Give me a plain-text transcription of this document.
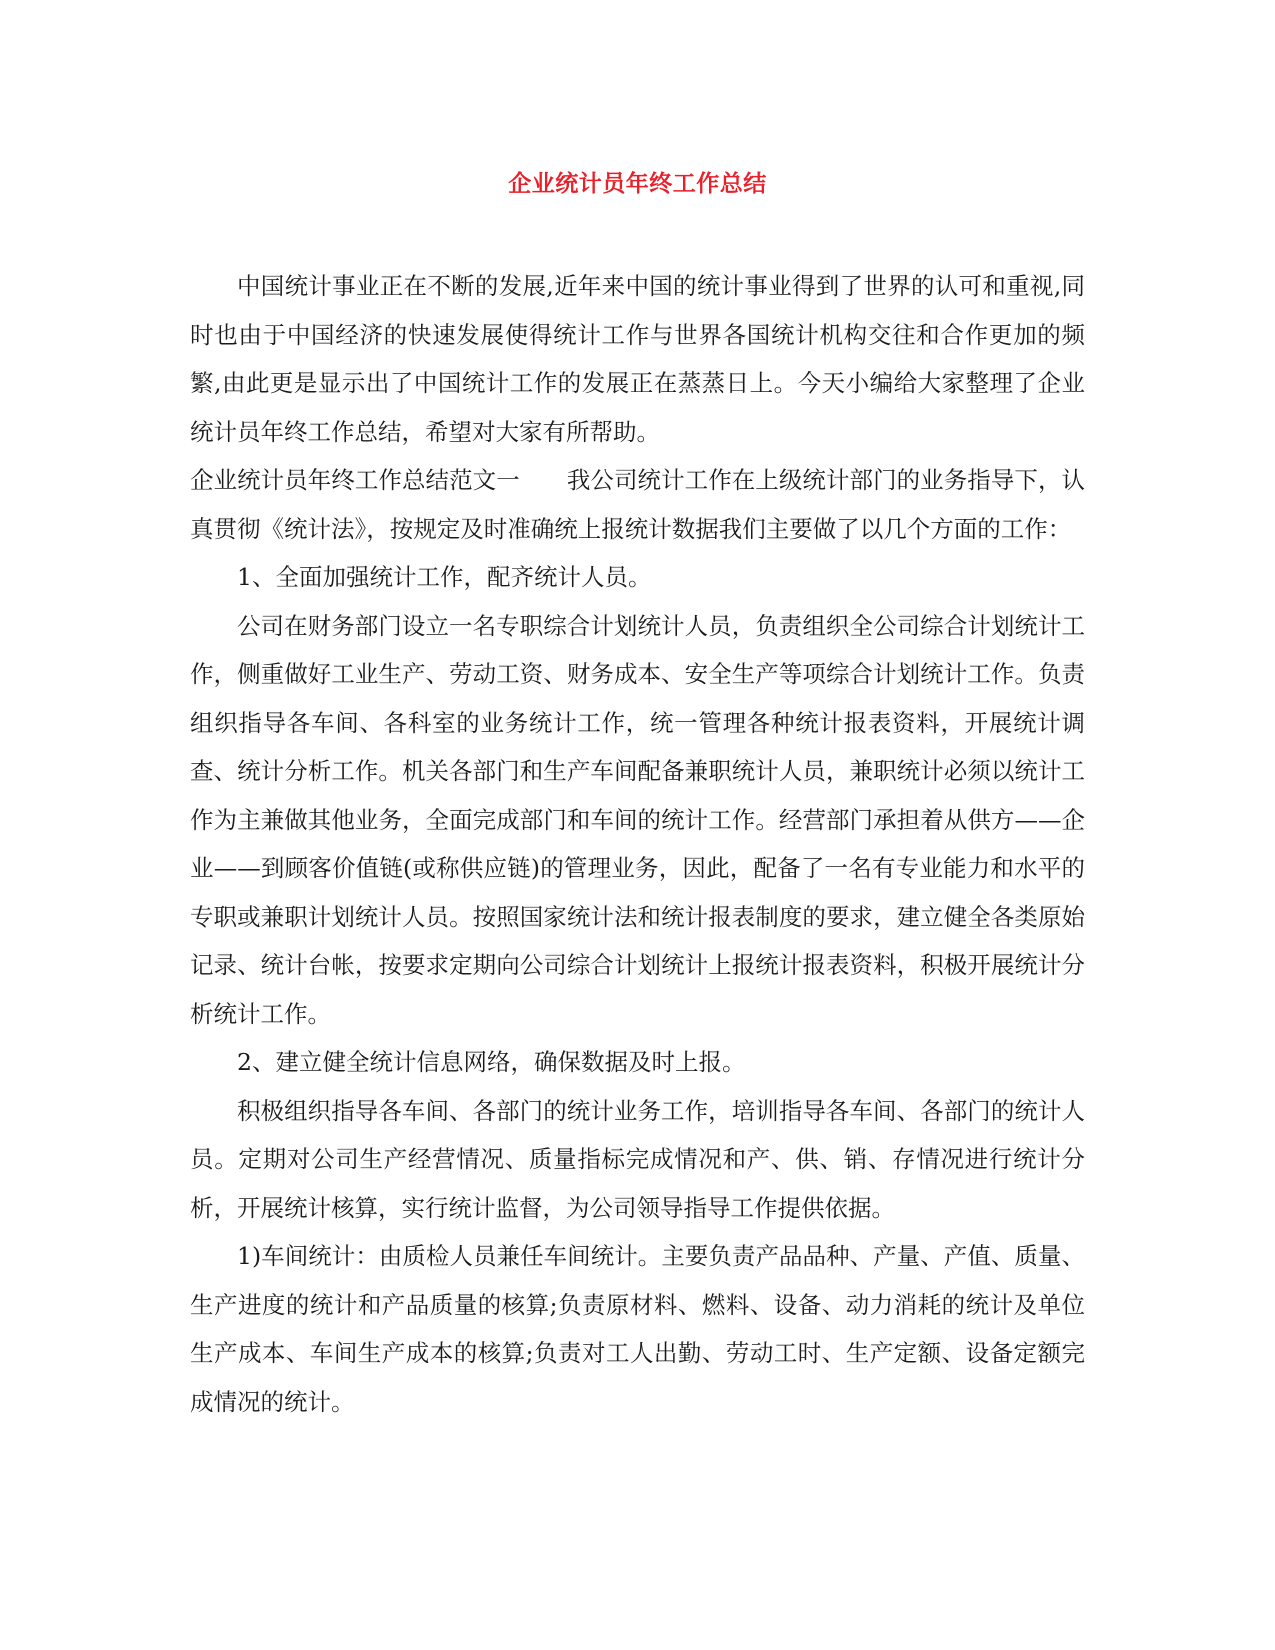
企业统计员年终工作总结

中国统计事业正在不断的发展,近年来中国的统计事业得到了世界的认可和重视,同时也由于中国经济的快速发展使得统计工作与世界各国统计机构交往和合作更加的频繁,由此更是显示出了中国统计工作的发展正在蒸蒸日上。今天小编给大家整理了企业统计员年终工作总结，希望对大家有所帮助。

企业统计员年终工作总结范文一　　我公司统计工作在上级统计部门的业务指导下，认真贯彻《统计法》，按规定及时准确统上报统计数据我们主要做了以几个方面的工作：

1、全面加强统计工作，配齐统计人员。

公司在财务部门设立一名专职综合计划统计人员，负责组织全公司综合计划统计工作，侧重做好工业生产、劳动工资、财务成本、安全生产等项综合计划统计工作。负责组织指导各车间、各科室的业务统计工作，统一管理各种统计报表资料，开展统计调查、统计分析工作。机关各部门和生产车间配备兼职统计人员，兼职统计必须以统计工作为主兼做其他业务，全面完成部门和车间的统计工作。经营部门承担着从供方——企业——到顾客价值链(或称供应链)的管理业务，因此，配备了一名有专业能力和水平的专职或兼职计划统计人员。按照国家统计法和统计报表制度的要求，建立健全各类原始记录、统计台帐，按要求定期向公司综合计划统计上报统计报表资料，积极开展统计分析统计工作。

2、建立健全统计信息网络，确保数据及时上报。

积极组织指导各车间、各部门的统计业务工作，培训指导各车间、各部门的统计人员。定期对公司生产经营情况、质量指标完成情况和产、供、销、存情况进行统计分析，开展统计核算，实行统计监督，为公司领导指导工作提供依据。

1)车间统计：由质检人员兼任车间统计。主要负责产品品种、产量、产值、质量、生产进度的统计和产品质量的核算;负责原材料、燃料、设备、动力消耗的统计及单位生产成本、车间生产成本的核算;负责对工人出勤、劳动工时、生产定额、设备定额完成情况的统计。
